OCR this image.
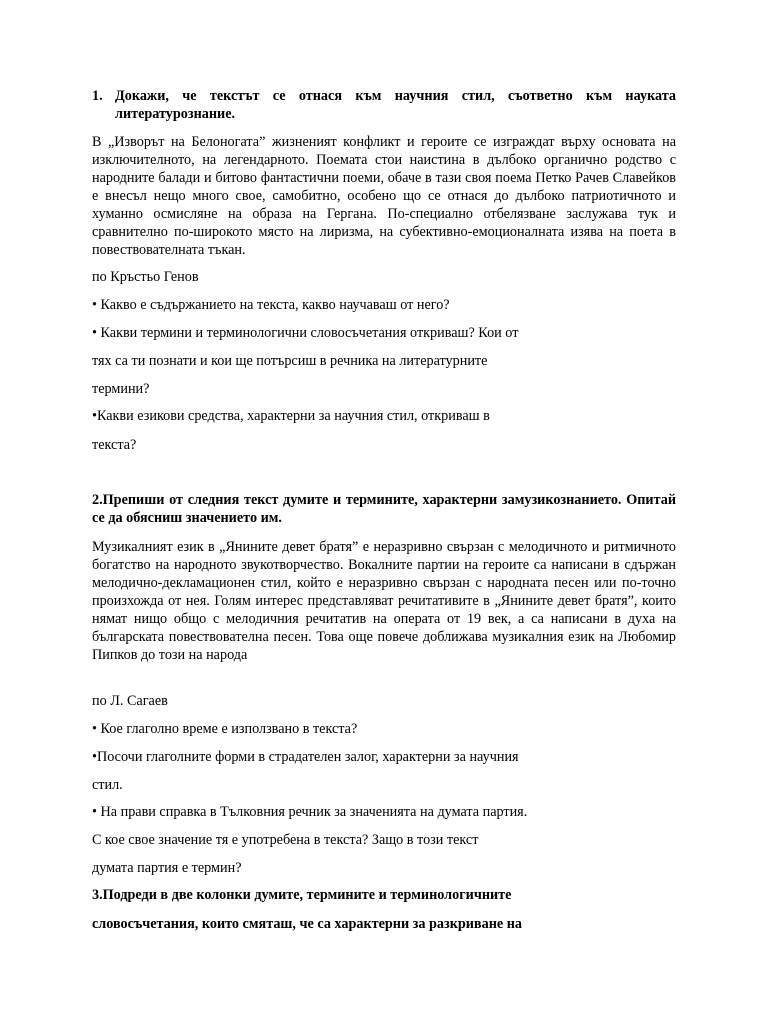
1. Докажи, че текстът се отнася към научния стил, съответно към науката литературознание.

В „Изворът на Белоногата” жизненият конфликт и героите се изграждат върху основата на изключителното, на легендарното. Поемата стои наистина в дълбоко органично родство с народните балади и битово фантастични поеми, обаче в тази своя поема Петко Рачев Славейков е внесъл нещо много свое, самобитно, особено що се отнася до дълбоко патриотичното и хуманно осмисляне на образа на Гергана. По-специално отбелязване заслужава тук и сравнително по-широкото място на лиризма, на субективно-емоционалната изява на поета в повествователната тъкан.

по Кръстьо Генов

• Какво е съдържанието на текста, какво научаваш от него?

• Какви термини и терминологични словосъчетания откриваш? Кои от

тях са ти познати и кои ще потърсиш в речника на литературните

термини?

•Какви езикови средства, характерни за научния стил, откриваш в

текста?

2.Препиши от следния текст думите и термините, характерни замузикознанието. Опитай се да обясниш значението им.

Музикалният език в „Янините девет братя” е неразривно свързан с мелодичното и ритмичното богатство на народното звукотворчество. Вокалните партии на героите са написани в сдържан мелодично-декламационен стил, който е неразривно свързан с народната песен или по-точно произхожда от нея. Голям интерес представляват речитативите в „Янините девет братя”, които нямат нищо общо с мелодичния речитатив на операта от 19 век, а са написани в духа на българската повествователна песен. Това още повече доближава музикалния език на Любомир Пипков до този на народа

по Л. Сагаев

• Кое глаголно време е използвано в текста?

•Посочи глаголните форми в страдателен залог, характерни за научния

стил.

• На прави справка в Тълковния речник за значенията на думата партия.

С кое свое значение тя е употребена в текста? Защо в този текст

думата партия е термин?

3.Подреди в две колонки думите, термините и терминологичните

словосъчетания, които смяташ, че са характерни за разкриване на
